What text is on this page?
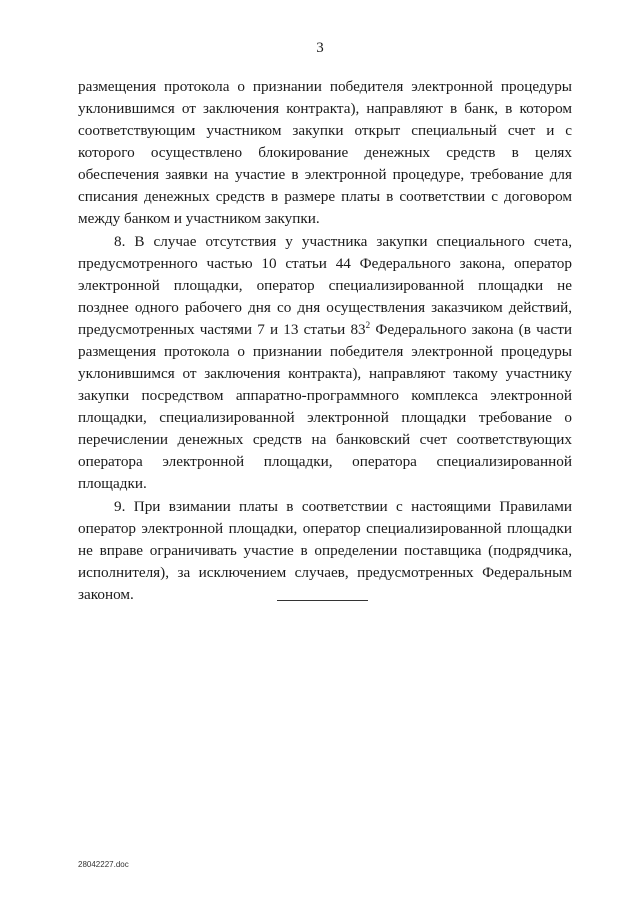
3
размещения протокола о признании победителя электронной процедуры
уклонившимся от заключения контракта), направляют в банк, в котором
соответствующим участником закупки открыт специальный счет и с
которого осуществлено блокирование денежных средств в целях
обеспечения заявки на участие в электронной процедуре, требование для
списания денежных средств в размере платы в соответствии с договором
между банком и участником закупки.
8. В случае отсутствия у участника закупки специального счета,
предусмотренного частью 10 статьи 44 Федерального закона, оператор
электронной площадки, оператор специализированной площадки не
позднее одного рабочего дня со дня осуществления заказчиком действий,
предусмотренных частями 7 и 13 статьи $83^2$ Федерального закона (в части
размещения протокола о признании победителя электронной процедуры
уклонившимся от заключения контракта), направляют такому участнику
закупки посредством аппаратно-программного комплекса электронной
площадки, специализированной электронной площадки требование о
перечислении денежных средств на банковский счет соответствующих
оператора электронной площадки, оператора специализированной
площадки.
9. При взимании платы в соответствии с настоящими Правилами
оператор электронной площадки, оператор специализированной площадки
не вправе ограничивать участие в определении поставщика (подрядчика,
исполнителя), за исключением случаев, предусмотренных Федеральным
законом.
28042227.doc
